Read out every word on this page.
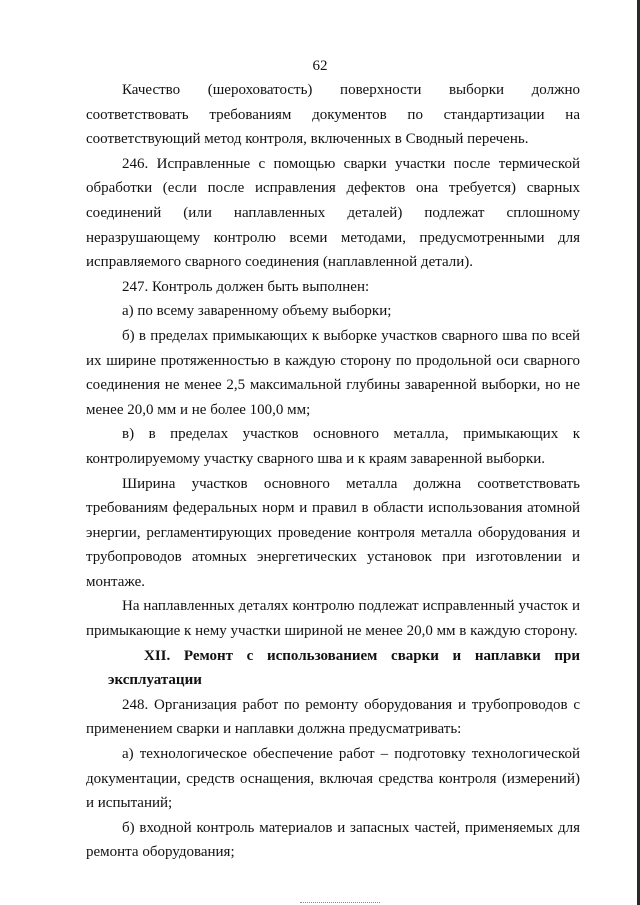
62

Качество (шероховатость) поверхности выборки должно соответствовать требованиям документов по стандартизации на соответствующий метод контроля, включенных в Сводный перечень.

246. Исправленные с помощью сварки участки после термической обработки (если после исправления дефектов она требуется) сварных соединений (или наплавленных деталей) подлежат сплошному неразрушающему контролю всеми методами, предусмотренными для исправляемого сварного соединения (наплавленной детали).

247. Контроль должен быть выполнен:

а) по всему заваренному объему выборки;

б) в пределах примыкающих к выборке участков сварного шва по всей их ширине протяженностью в каждую сторону по продольной оси сварного соединения не менее 2,5 максимальной глубины заваренной выборки, но не менее 20,0 мм и не более 100,0 мм;

в) в пределах участков основного металла, примыкающих к контролируемому участку сварного шва и к краям заваренной выборки.

Ширина участков основного металла должна соответствовать требованиям федеральных норм и правил в области использования атомной энергии, регламентирующих проведение контроля металла оборудования и трубопроводов атомных энергетических установок при изготовлении и монтаже.

На наплавленных деталях контролю подлежат исправленный участок и примыкающие к нему участки шириной не менее 20,0 мм в каждую сторону.

XII. Ремонт с использованием сварки и наплавки при эксплуатации

248. Организация работ по ремонту оборудования и трубопроводов с применением сварки и наплавки должна предусматривать:

а) технологическое обеспечение работ – подготовку технологической документации, средств оснащения, включая средства контроля (измерений) и испытаний;

б) входной контроль материалов и запасных частей, применяемых для ремонта оборудования;
